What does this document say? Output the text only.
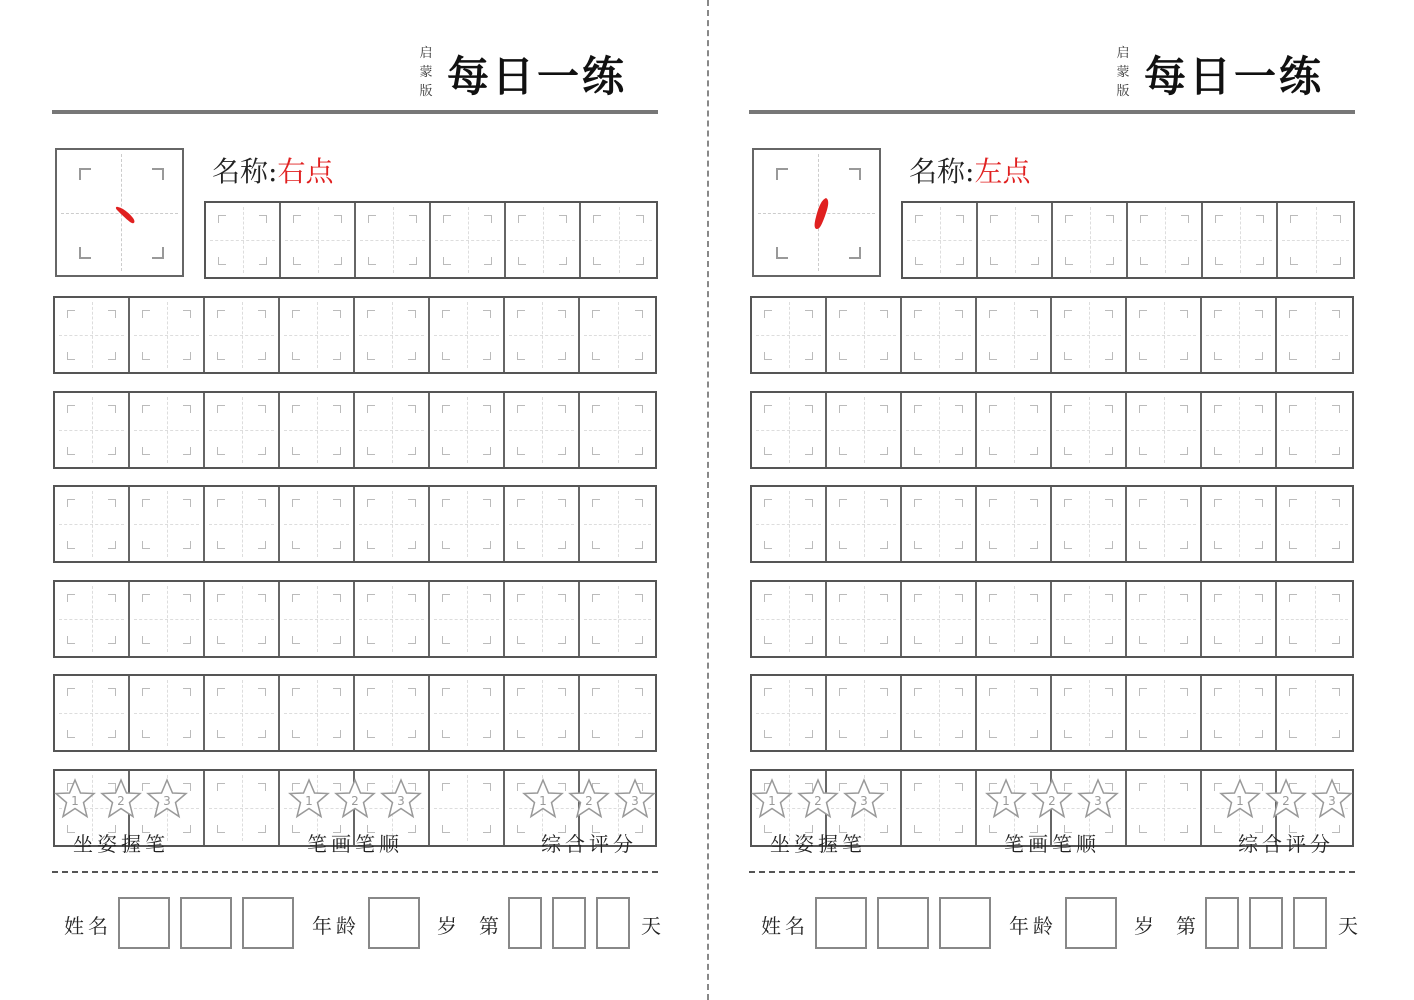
启
蒙
版 每日一练
名称:右点
1	2	3
坐姿握笔
1	2	3
笔画笔顺
1	2	3
综合评分
姓名	年龄	岁 第	天
启
蒙
版 每日一练
名称:左点
1	2	3
坐姿握笔
1	2	3
笔画笔顺
1	2	3
综合评分
姓名	年龄	岁 第	天
